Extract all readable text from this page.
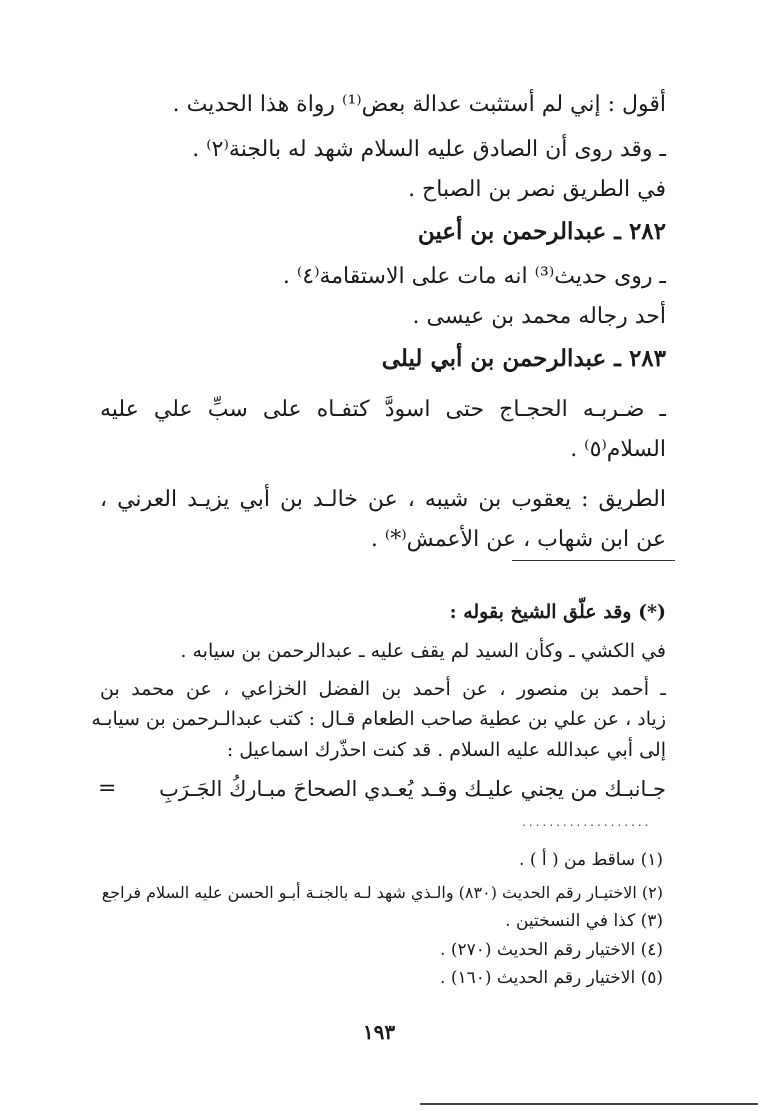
أقول : إني لم أستثبت عدالة بعض⁽¹⁾ رواة هذا الحديث .
ـ وقد روى أن الصادق عليه السلام شهد له بالجنة⁽٢⁾ .
في الطريق نصر بن الصباح .
٢٨٢ ـ عبدالرحمن بن أعين
ـ روى حديث⁽³⁾ انه مات على الاستقامة⁽٤⁾ .
أحد رجاله محمد بن عيسى .
٢٨٣ ـ عبدالرحمن بن أبي ليلى
ـ ضـربـه الحجـاج حتى اسودَّ كتفـاه على سبِّ علي عليه
السلام⁽٥⁾ .
الطريق : يعقوب بن شيبه ، عن خالـد بن أبي يزيـد العرني ،
عن ابن شهاب ، عن الأعمش⁽*⁾ .
(*) وقد علّق الشيخ بقوله :
في الكشي ـ وكأن السيد لم يقف عليه ـ عبدالرحمن بن سيابه .
ـ أحمد بن منصور ، عن أحمد بن الفضل الخزاعي ، عن محمد بن
زياد ، عن علي بن عطية صاحب الطعام قـال : كتب عبدالـرحمن بن سيابـه
إلى أبي عبدالله عليه السلام . قد كنت احذّرك اسماعيل :
جـانبـك من يجني عليـك وقـد يُعـدي الصحاحَ مبـاركُ الجَـرَبِ
=
...................
(١) ساقط من ( أ ) .
(٢) الاختيـار رقم الحديث (٨٣٠) والـذي شهد لـه بالجنـة أبـو الحسن عليه السلام فراجع
(٣) كذا في النسختين .
(٤) الاختيار رقم الحديث (٢٧٠) .
(٥) الاختيار رقم الحديث (١٦٠) .
١٩٣
